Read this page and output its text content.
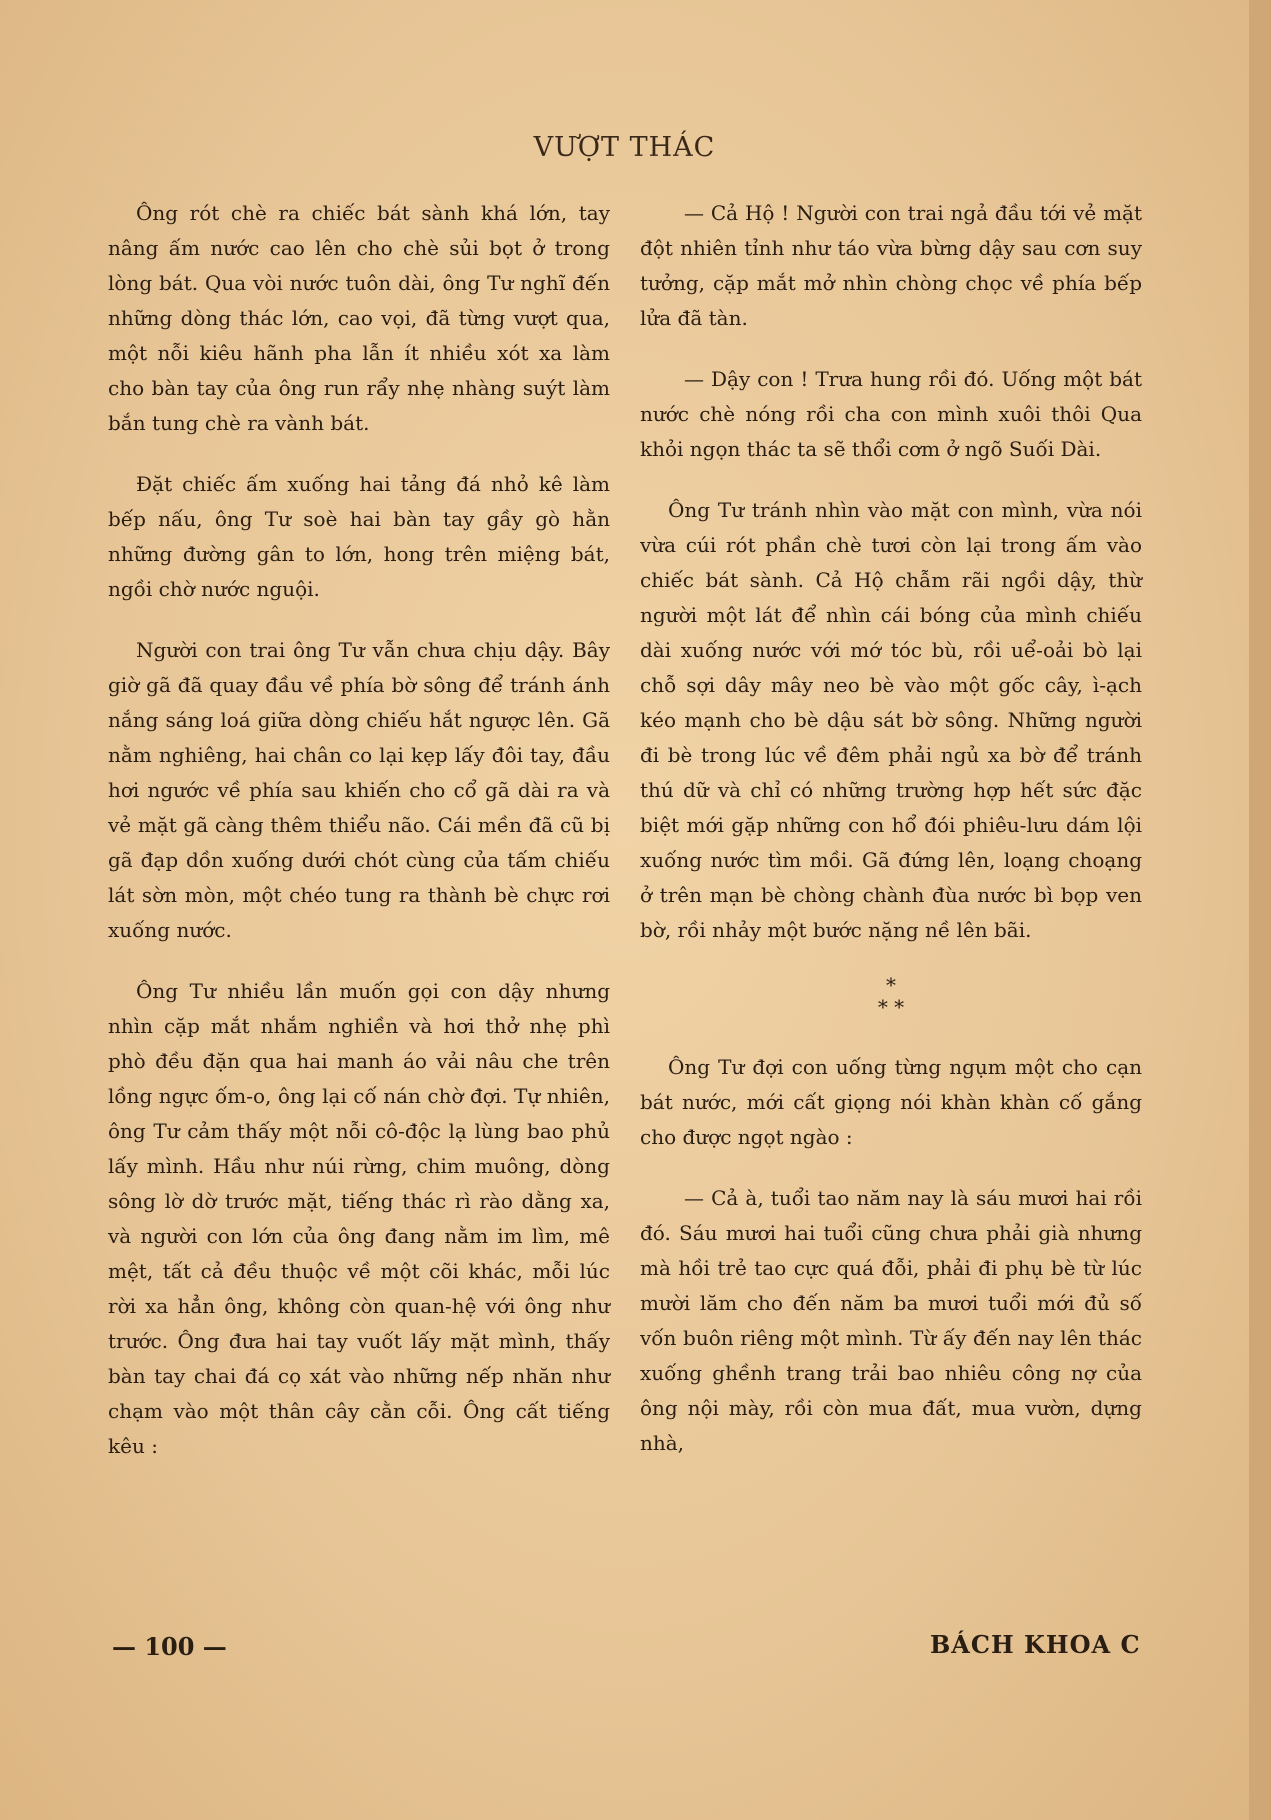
VƯỢT THÁC

Ông rót chè ra chiếc bát sành khá lớn, tay nâng ấm nước cao lên cho chè sủi bọt ở trong lòng bát. Qua vòi nước tuôn dài, ông Tư nghĩ đến những dòng thác lớn, cao vọi, đã từng vượt qua, một nỗi kiêu hãnh pha lẫn ít nhiều xót xa làm cho bàn tay của ông run rẩy nhẹ nhàng suýt làm bắn tung chè ra vành bát.

Đặt chiếc ấm xuống hai tảng đá nhỏ kê làm bếp nấu, ông Tư soè hai bàn tay gầy gò hằn những đường gân to lớn, hong trên miệng bát, ngồi chờ nước nguội.

Người con trai ông Tư vẫn chưa chịu dậy. Bây giờ gã đã quay đầu về phía bờ sông để tránh ánh nắng sáng loá giữa dòng chiếu hắt ngược lên. Gã nằm nghiêng, hai chân co lại kẹp lấy đôi tay, đầu hơi ngước về phía sau khiến cho cổ gã dài ra và vẻ mặt gã càng thêm thiểu não. Cái mền đã cũ bị gã đạp dồn xuống dưới chót cùng của tấm chiếu lát sờn mòn, một chéo tung ra thành bè chực rơi xuống nước.

Ông Tư nhiều lần muốn gọi con dậy nhưng nhìn cặp mắt nhắm nghiền và hơi thở nhẹ phì phò đều đặn qua hai manh áo vải nâu che trên lồng ngực ốm-o, ông lại cố nán chờ đợi. Tự nhiên, ông Tư cảm thấy một nỗi cô-độc lạ lùng bao phủ lấy mình. Hầu như núi rừng, chim muông, dòng sông lờ dờ trước mặt, tiếng thác rì rào dằng xa, và người con lớn của ông đang nằm im lìm, mê mệt, tất cả đều thuộc về một cõi khác, mỗi lúc rời xa hẳn ông, không còn quan-hệ với ông như trước. Ông đưa hai tay vuốt lấy mặt mình, thấy bàn tay chai đá cọ xát vào những nếp nhăn như chạm vào một thân cây cằn cỗi. Ông cất tiếng kêu :

— Cả Hộ ! Người con trai ngả đầu tới vẻ mặt đột nhiên tỉnh như táo vừa bừng dậy sau cơn suy tưởng, cặp mắt mở nhìn chòng chọc về phía bếp lửa đã tàn.

— Dậy con ! Trưa hung rồi đó. Uống một bát nước chè nóng rồi cha con mình xuôi thôi Qua khỏi ngọn thác ta sẽ thổi cơm ở ngõ Suối Dài.

Ông Tư tránh nhìn vào mặt con mình, vừa nói vừa cúi rót phần chè tươi còn lại trong ấm vào chiếc bát sành. Cả Hộ chẫm rãi ngồi dậy, thừ người một lát để nhìn cái bóng của mình chiếu dài xuống nước với mớ tóc bù, rồi uể-oải bò lại chỗ sợi dây mây neo bè vào một gốc cây, ì-ạch kéo mạnh cho bè dậu sát bờ sông. Những người đi bè trong lúc về đêm phải ngủ xa bờ để tránh thú dữ và chỉ có những trường hợp hết sức đặc biệt mới gặp những con hổ đói phiêu-lưu dám lội xuống nước tìm mồi. Gã đứng lên, loạng choạng ở trên mạn bè chòng chành đùa nước bì bọp ven bờ, rồi nhảy một bước nặng nề lên bãi.

*
* *

Ông Tư đợi con uống từng ngụm một cho cạn bát nước, mới cất giọng nói khàn khàn cố gắng cho được ngọt ngào :

— Cả à, tuổi tao năm nay là sáu mươi hai rồi đó. Sáu mươi hai tuổi cũng chưa phải già nhưng mà hồi trẻ tao cực quá đỗi, phải đi phụ bè từ lúc mười lăm cho đến năm ba mươi tuổi mới đủ số vốn buôn riêng một mình. Từ ấy đến nay lên thác xuống ghềnh trang trải bao nhiêu công nợ của ông nội mày, rồi còn mua đất, mua vườn, dựng nhà,

— 100 —	BÁCH KHOA C
